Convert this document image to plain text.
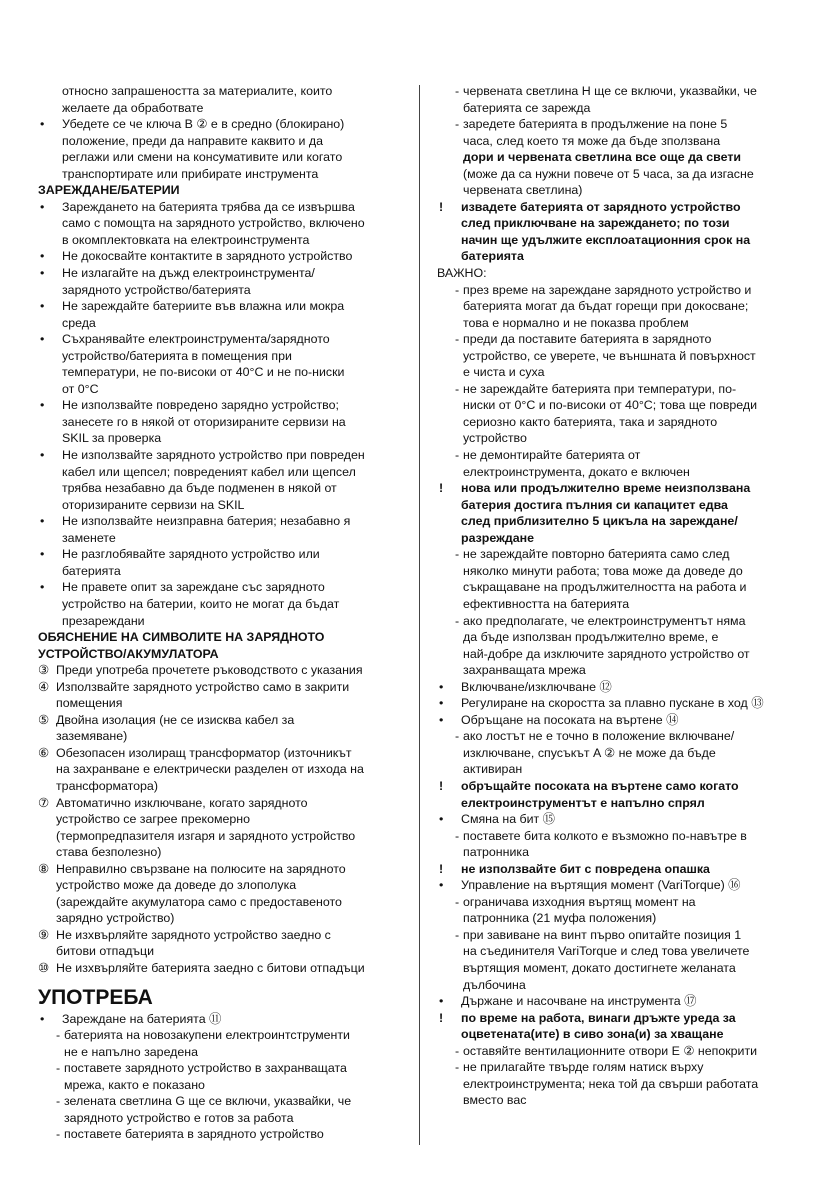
относно запрашеността за материалите, които
желаете да обработвате
• Убедете се че ключа B ② е в средно (блокирано)
положение, преди да направите каквито и да
реглажи или смени на консумативите или когато
транспортирате или прибирате инструмента
ЗАРЕЖДАНЕ/БАТЕРИИ
• Зареждането на батерията трябва да се извършва
само с помощта на зарядното устройство, включено
в окомплектовката на електроинструмента
• Не докосвайте контактите в зарядното устройство
• Не излагайте на дъжд електроинструмента/
зарядното устройство/батерията
• Не зареждайте батериите във влажна или мокра
среда
• Съхранявайте електроинструмента/зарядното
устройство/батерията в помещения при
температури, не по-високи от 40°C и не по-ниски
от 0°C
• Не използвайте повредено зарядно устройство;
занесете го в някой от оторизираните сервизи на
SKIL за проверка
• Не използвайте зарядното устройство при повреден
кабел или щепсел; повреденият кабел или щепсел
трябва незабавно да бъде подменен в някой от
оторизираните сервизи на SKIL
• Не използвайте неизправна батерия; незабавно я
заменете
• Не разглобявайте зарядното устройство или
батерията
• Не правете опит за зареждане със зарядното
устройство на батерии, които не могат да бъдат
презареждани
ОБЯСНЕНИЕ НА СИМВОЛИТЕ НА ЗАРЯДНОТО
УСТРОЙСТВО/АКУМУЛАТОРА
③ Преди употреба прочетете ръководството с указания
④ Използвайте зарядното устройство само в закрити
помещения
⑤ Двойна изолация (не се изисква кабел за
заземяване)
⑥ Обезопасен изолиращ трансформатор (източникът
на захранване е електрически разделен от изхода на
трансформатора)
⑦ Автоматично изключване, когато зарядното
устройство се загрее прекомерно
(термопредпазителя изгаря и зарядното устройство
става безполезно)
⑧ Неправилно свързване на полюсите на зарядното
устройство може да доведе до злополука
(зареждайте акумулатора само с предоставеното
зарядно устройство)
⑨ Не изхвърляйте зарядното устройство заедно с
битови отпадъци
⑩ Не изхвърляйте батерията заедно с битови отпадъци
УПОТРЕБА
• Зареждане на батерията ⑪
- батерията на новозакупени електроинтструменти
не е напълно заредена
- поставете зарядното устройство в захранващата
мрежа, както е показано
- зелената светлина G ще се включи, указвайки, че
зарядното устройство е готов за работа
- поставете батерията в зарядното устройство
- червената светлина H ще се включи, указвайки, че
батерията се зарежда
- заредете батерията в продължение на поне 5
часа, след което тя може да бъде зползвана
дори и червената светлина все още да свети
(може да са нужни повече от 5 часа, за да изгасне
червената светлина)
! извадете батерията от зарядното устройство
след приключване на зареждането; по този
начин ще удължите експлоатационния срок на
батерията
ВАЖНО:
- през време на зареждане зарядното устройство и
батерията могат да бъдат горещи при докосване;
това е нормално и не показва проблем
- преди да поставите батерията в зарядното
устройство, се уверете, че външната й повърхност
е чиста и суха
- не зареждайте батерията при температури, по-
ниски от 0°C и по-високи от 40°C; това ще повреди
сериозно както батерията, така и зарядното
устройство
- не демонтирайте батерията от
електроинструмента, докато е включен
! нова или продължително време неизползвана
батерия достига пълния си капацитет едва
след приблизително 5 цикъла на зареждане/
разреждане
- не зареждайте повторно батерията само след
няколко минути работа; това може да доведе до
съкращаване на продължителността на работа и
ефективността на батерията
- ако предполагате, че електроинструментът няма
да бъде използван продължително време, е
най-добре да изключите зарядното устройство от
захранващата мрежа
• Включване/изключване ⑫
• Регулиране на скоростта за плавно пускане в ход ⑬
• Обръщане на посоката на въртене ⑭
- ако лостът не е точно в положение включване/
изключване, спусъкът A ② не може да бъде
активиран
! обръщайте посоката на въртене само когато
електроинструментът е напълно спрял
• Смяна на бит ⑮
- поставете бита колкото е възможно по-навътре в
патронника
! не използвайте бит с повредена опашка
• Управление на въртящия момент (VariTorque) ⑯
- ограничава изходния въртящ момент на
патронника (21 муфа положения)
- при завиване на винт първо опитайте позиция 1
на съединителя VariTorque и след това увеличете
въртящия момент, докато достигнете желаната
дълбочина
• Държане и насочване на инструмента ⑰
! по време на работа, винаги дръжте уреда за
оцветената(ите) в сиво зона(и) за хващане
- оставяйте вентилационните отвори E ② непокрити
- не прилагайте твърде голям натиск върху
електроинструмента; нека той да свърши работата
вместо вас
